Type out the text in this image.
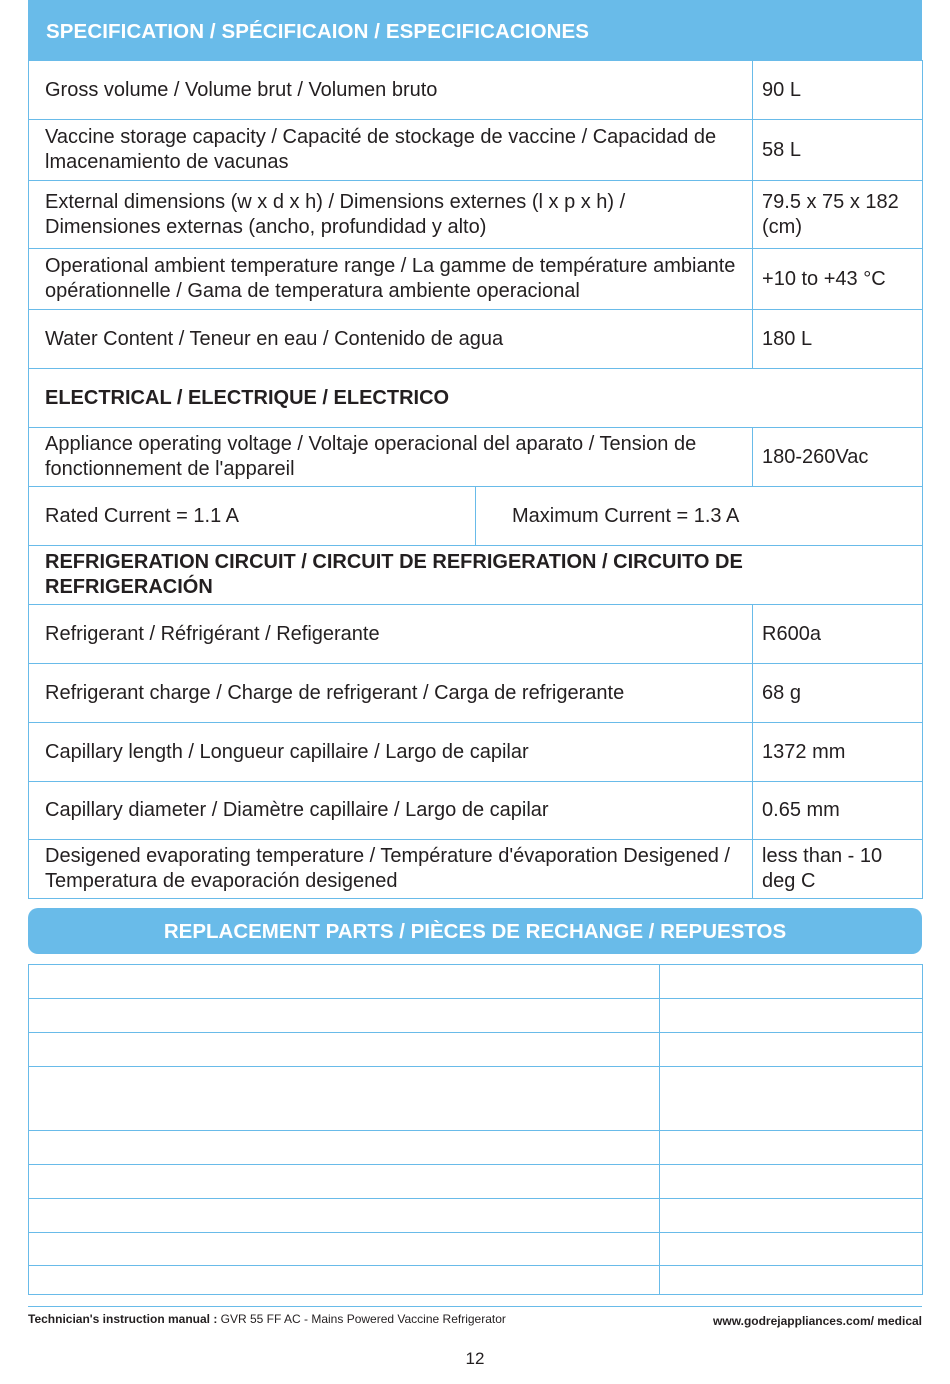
SPECIFICATION / SPÉCIFICAION / ESPECIFICACIONES
Gross volume / Volume brut / Volumen bruto		90 L
Vaccine storage capacity / Capacité de stockage de vaccine / Capacidad de lmacenamiento de vacunas		58 L
External dimensions (w x d x h) / Dimensions externes (l x p x h) / Dimensiones externas (ancho, profundidad y alto)		79.5 x 75 x 182 (cm)
Operational ambient temperature range / La gamme de température ambiante opérationnelle / Gama de temperatura ambiente operacional		+10 to +43 °C
Water Content / Teneur en eau / Contenido de agua		180 L
ELECTRICAL / ELECTRIQUE / ELECTRICO		
Appliance operating voltage / Voltaje operacional del aparato / Tension de fonctionnement de l'appareil		180-260Vac
Rated Current = 1.1 A	Maximum Current = 1.3 A	
REFRIGERATION CIRCUIT / CIRCUIT DE REFRIGERATION / CIRCUITO DE REFRIGERACIÓN		
Refrigerant / Réfrigérant / Refigerante		R600a
Refrigerant charge / Charge de refrigerant / Carga de refrigerante		68 g
Capillary length / Longueur capillaire / Largo de capilar		1372 mm
Capillary diameter / Diamètre capillaire / Largo de capilar		0.65 mm
Desigened evaporating temperature / Température d'évaporation Desigened / Temperatura de evaporación desigened		less than - 10 deg C
REPLACEMENT PARTS / PIÈCES DE RECHANGE / REPUESTOS

Technician's instruction manual : GVR 55 FF AC - Mains Powered Vaccine Refrigerator	www.godrejappliances.com/ medical
12
